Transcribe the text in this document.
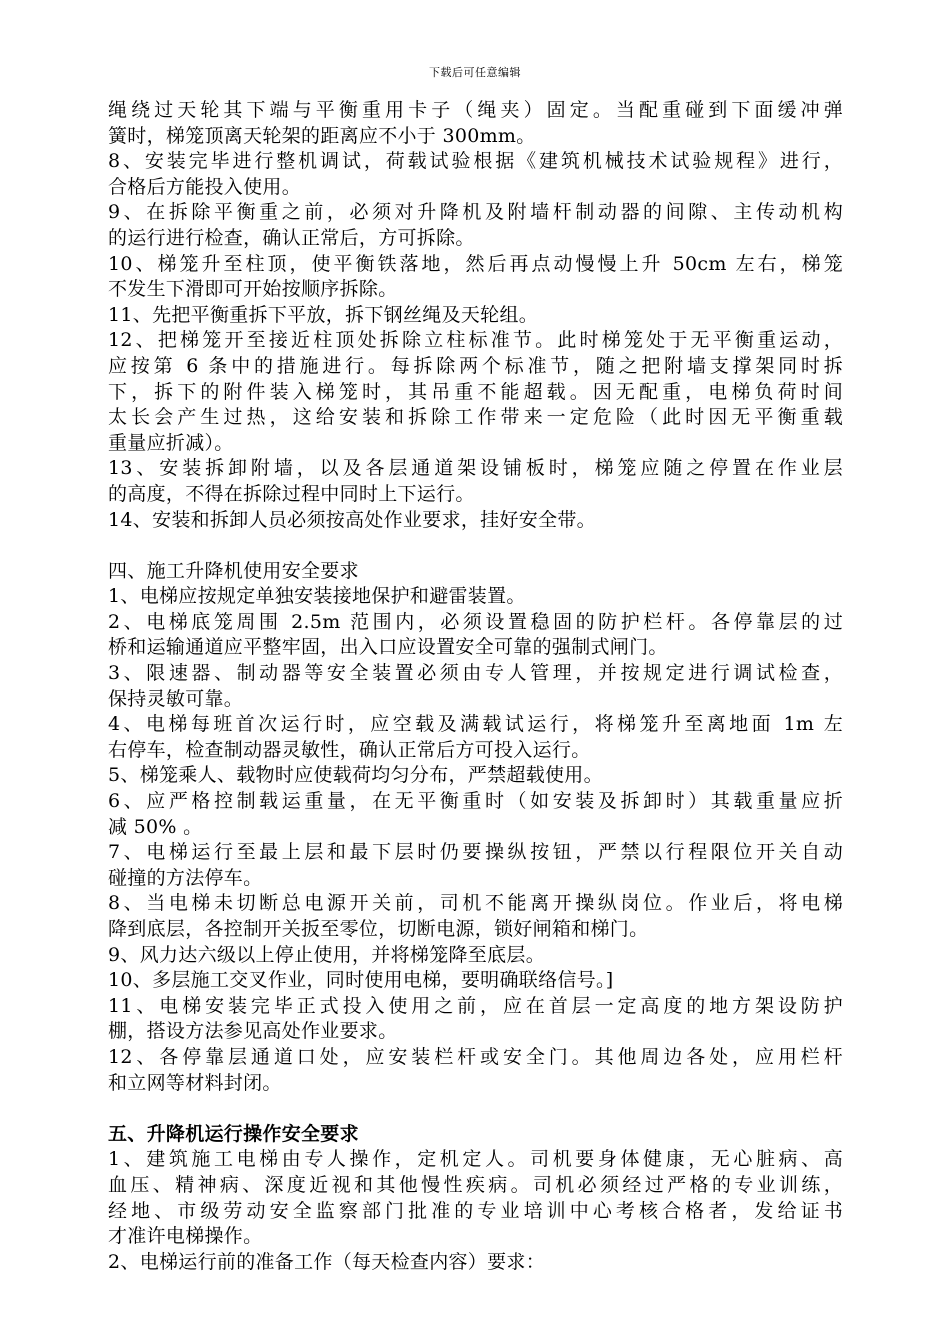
下载后可任意编辑
绳绕过天轮其下端与平衡重用卡子（绳夹）固定。当配重碰到下面缓冲弹
簧时，梯笼顶离天轮架的距离应不小于 300mm。
8、安装完毕进行整机调试，荷载试验根据《建筑机械技术试验规程》进行，
合格后方能投入使用。
9、在拆除平衡重之前，必须对升降机及附墙杆制动器的间隙、主传动机构
的运行进行检查，确认正常后，方可拆除。
10、梯笼升至柱顶，使平衡铁落地，然后再点动慢慢上升 50cm 左右，梯笼
不发生下滑即可开始按顺序拆除。
11、先把平衡重拆下平放，拆下钢丝绳及天轮组。
12、把梯笼开至接近柱顶处拆除立柱标准节。此时梯笼处于无平衡重运动，
应按第 6 条中的措施进行。每拆除两个标准节，随之把附墙支撑架同时拆
下，拆下的附件装入梯笼时，其吊重不能超载。因无配重，电梯负荷时间
太长会产生过热，这给安装和拆除工作带来一定危险（此时因无平衡重载
重量应折减）。
13、安装拆卸附墙，以及各层通道架设铺板时，梯笼应随之停置在作业层
的高度，不得在拆除过程中同时上下运行。
14、安装和拆卸人员必须按高处作业要求，挂好安全带。
四、施工升降机使用安全要求
1、电梯应按规定单独安装接地保护和避雷装置。
2、电梯底笼周围 2.5m 范围内，必须设置稳固的防护栏杆。各停靠层的过
桥和运输通道应平整牢固，出入口应设置安全可靠的强制式闸门。
3、限速器、制动器等安全装置必须由专人管理，并按规定进行调试检查，
保持灵敏可靠。
4、电梯每班首次运行时，应空载及满载试运行，将梯笼升至离地面 1m 左
右停车，检查制动器灵敏性，确认正常后方可投入运行。
5、梯笼乘人、载物时应使载荷均匀分布，严禁超载使用。
6、应严格控制载运重量，在无平衡重时（如安装及拆卸时）其载重量应折
减 50% 。
7、电梯运行至最上层和最下层时仍要操纵按钮，严禁以行程限位开关自动
碰撞的方法停车。
8、当电梯未切断总电源开关前，司机不能离开操纵岗位。作业后，将电梯
降到底层，各控制开关扳至零位，切断电源，锁好闸箱和梯门。
9、风力达六级以上停止使用，并将梯笼降至底层。
10、多层施工交叉作业，同时使用电梯，要明确联络信号。]
11、电梯安装完毕正式投入使用之前，应在首层一定高度的地方架设防护
棚，搭设方法参见高处作业要求。
12、各停靠层通道口处，应安装栏杆或安全门。其他周边各处，应用栏杆
和立网等材料封闭。
五、升降机运行操作安全要求
1、建筑施工电梯由专人操作，定机定人。司机要身体健康，无心脏病、高
血压、精神病、深度近视和其他慢性疾病。司机必须经过严格的专业训练，
经地、市级劳动安全监察部门批准的专业培训中心考核合格者，发给证书
才准许电梯操作。
2、电梯运行前的准备工作（每天检查内容）要求：
